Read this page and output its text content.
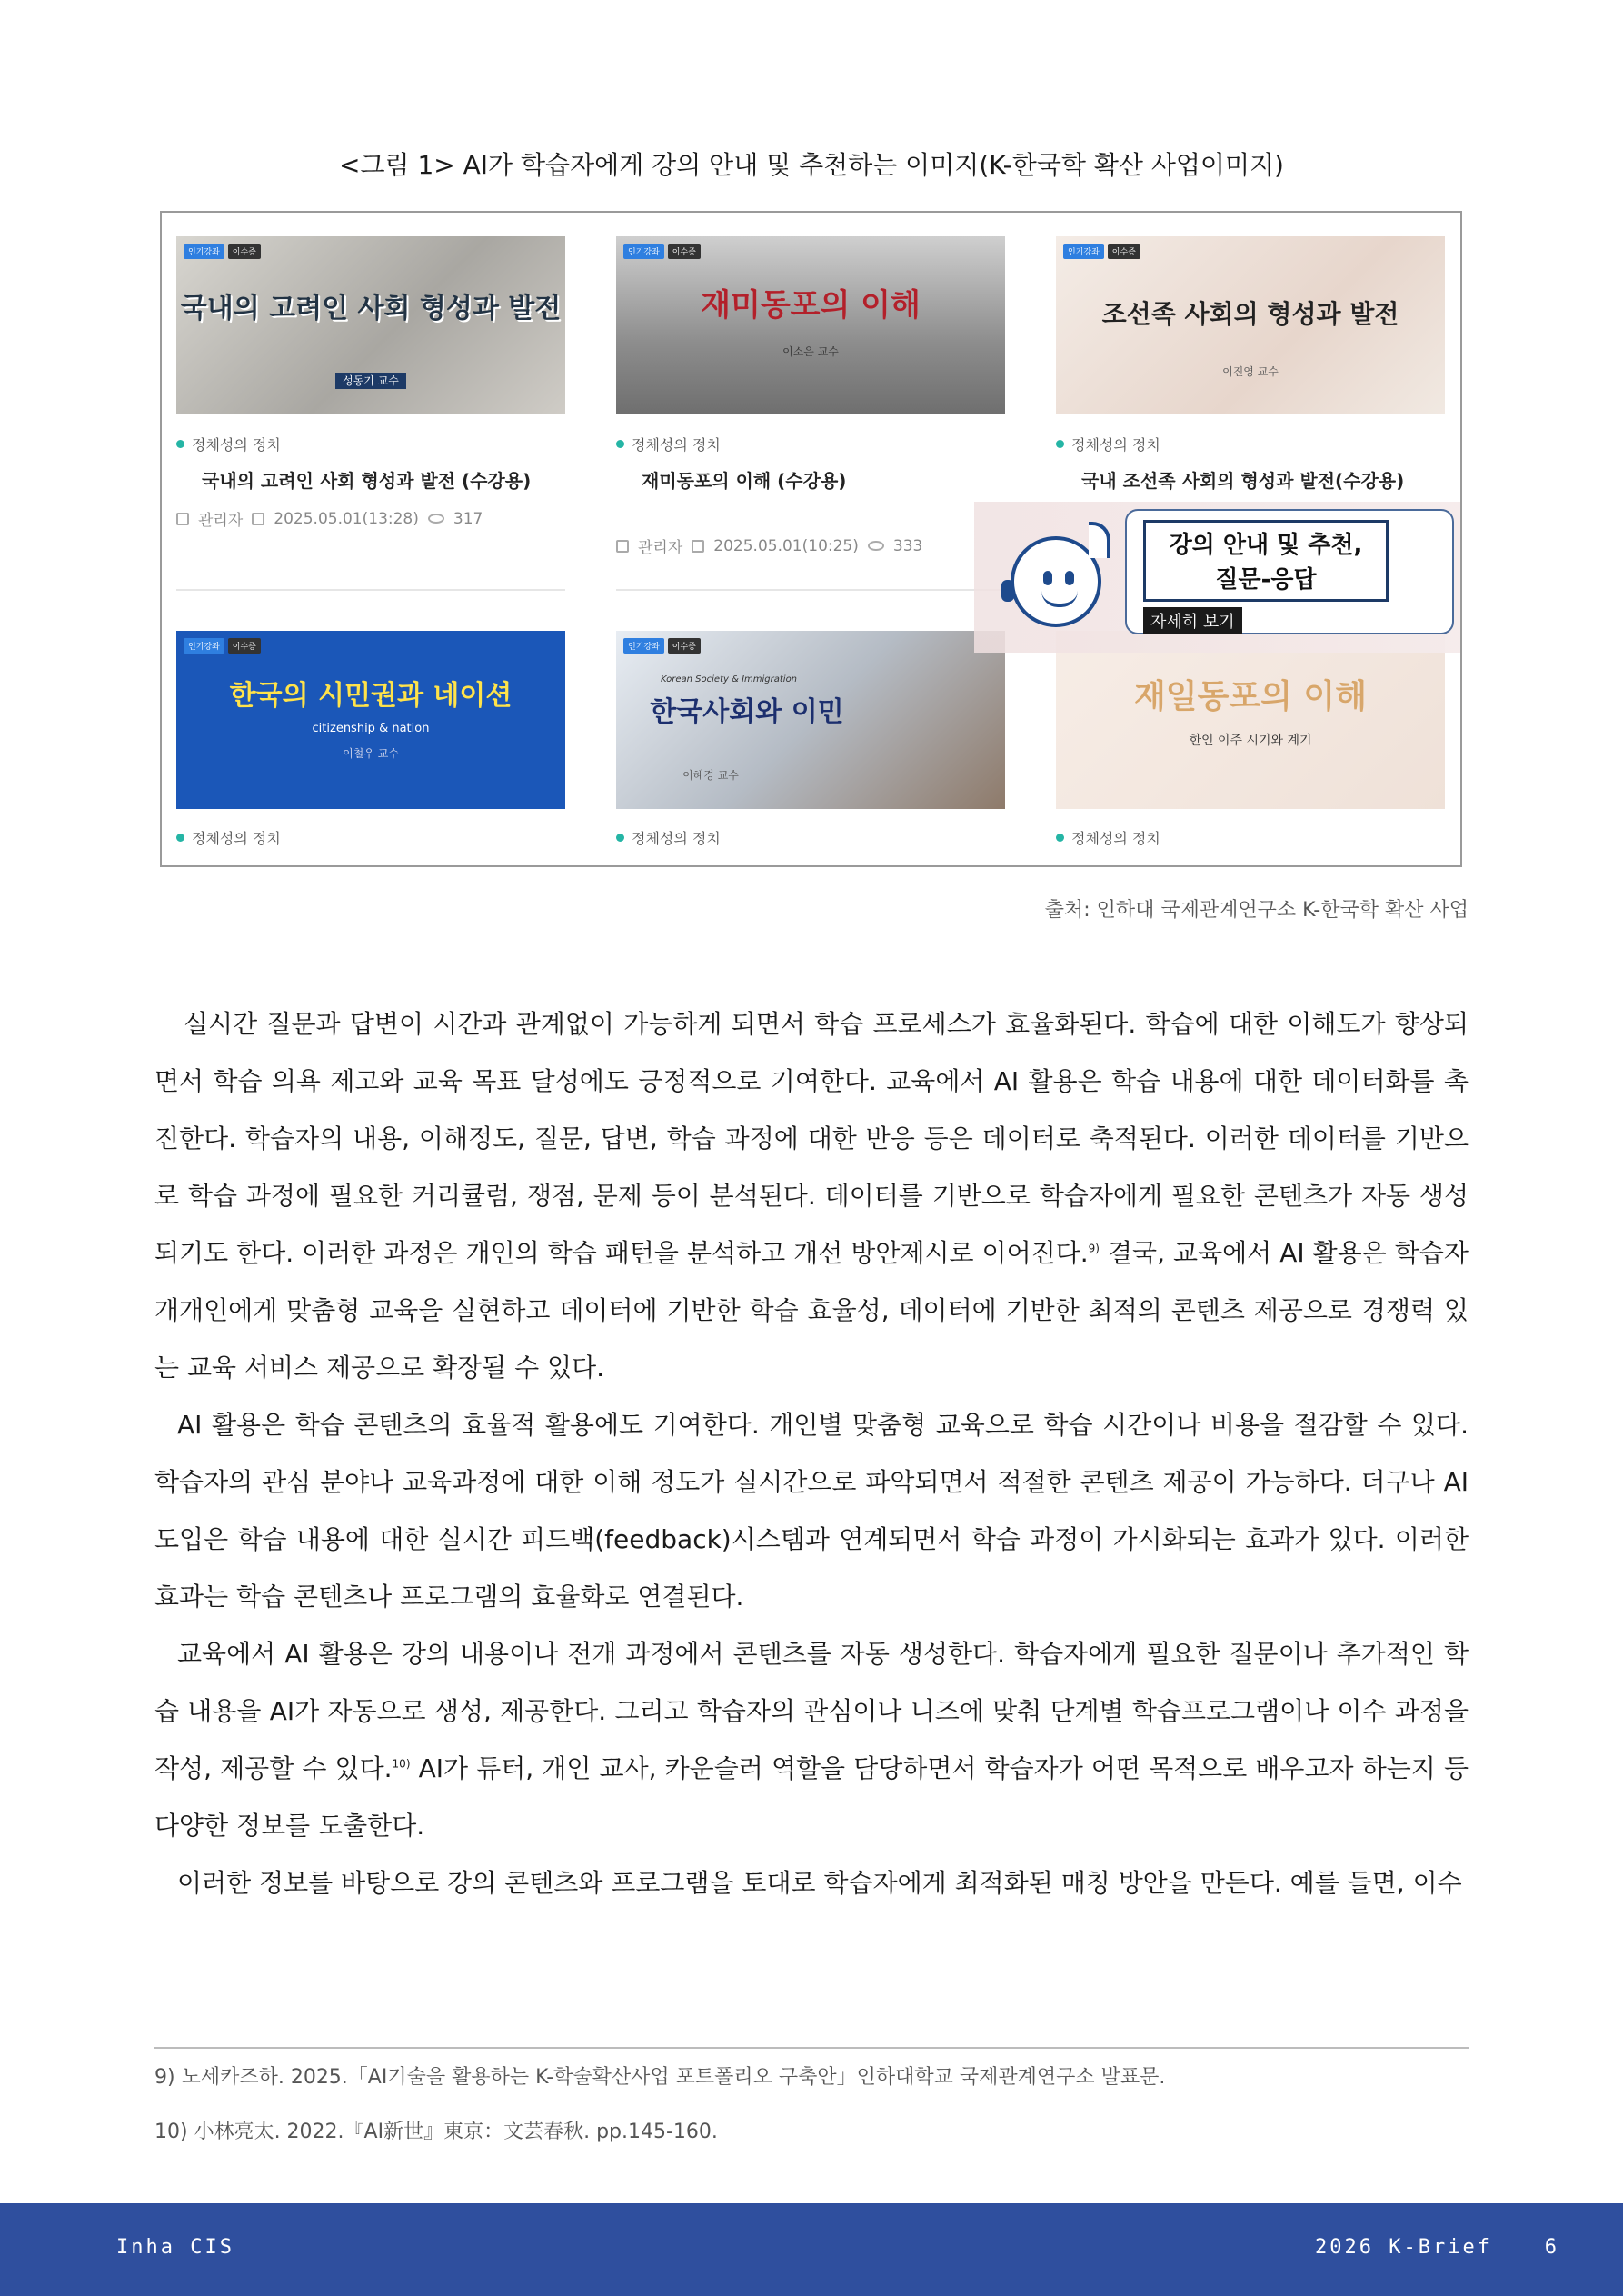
<그림 1> AI가 학습자에게 강의 안내 및 추천하는 이미지(K-한국학 확산 사업이미지)
인기강좌	이수증
국내의 고려인 사회 형성과 발전
성동기 교수
정체성의 정치
국내의 고려인 사회 형성과 발전 (수강용)
관리자 2025.05.01(13:28) 317
인기강좌	이수증
재미동포의 이해
이소은 교수
정체성의 정치
재미동포의 이해 (수강용)
관리자 2025.05.01(10:25) 333
인기강좌	이수증
조선족 사회의 형성과 발전
이진영 교수
정체성의 정치
국내 조선족 사회의 형성과 발전(수강용)
인기강좌	이수증
한국의 시민권과 네이션
citizenship & nation
이철우 교수
정체성의 정치
인기강좌	이수증
Korean Society & Immigration
한국사회와 이민
이혜경 교수
정체성의 정치
재일동포의 이해
한인 이주 시기와 계기
정체성의 정치
강의 안내 및 추천,
질문-응답
자세히 보기
출처: 인하대 국제관계연구소 K-한국학 확산 사업

실시간 질문과 답변이 시간과 관계없이 가능하게 되면서 학습 프로세스가 효율화된다. 학습에 대한 이해도가 향상되면서 학습 의욕 제고와 교육 목표 달성에도 긍정적으로 기여한다. 교육에서 AI 활용은 학습 내용에 대한 데이터화를 촉진한다. 학습자의 내용, 이해정도, 질문, 답변, 학습 과정에 대한 반응 등은 데이터로 축적된다. 이러한 데이터를 기반으로 학습 과정에 필요한 커리큘럼, 쟁점, 문제 등이 분석된다. 데이터를 기반으로 학습자에게 필요한 콘텐츠가 자동 생성되기도 한다. 이러한 과정은 개인의 학습 패턴을 분석하고 개선 방안제시로 이어진다.$^{9)}$ 결국, 교육에서 AI 활용은 학습자 개개인에게 맞춤형 교육을 실현하고 데이터에 기반한 학습 효율성, 데이터에 기반한 최적의 콘텐츠 제공으로 경쟁력 있는 교육 서비스 제공으로 확장될 수 있다.

AI 활용은 학습 콘텐츠의 효율적 활용에도 기여한다. 개인별 맞춤형 교육으로 학습 시간이나 비용을 절감할 수 있다. 학습자의 관심 분야나 교육과정에 대한 이해 정도가 실시간으로 파악되면서 적절한 콘텐츠 제공이 가능하다. 더구나 AI 도입은 학습 내용에 대한 실시간 피드백(feedback)시스템과 연계되면서 학습 과정이 가시화되는 효과가 있다. 이러한 효과는 학습 콘텐츠나 프로그램의 효율화로 연결된다.

교육에서 AI 활용은 강의 내용이나 전개 과정에서 콘텐츠를 자동 생성한다. 학습자에게 필요한 질문이나 추가적인 학습 내용을 AI가 자동으로 생성, 제공한다. 그리고 학습자의 관심이나 니즈에 맞춰 단계별 학습프로그램이나 이수 과정을 작성, 제공할 수 있다.$^{10)}$ AI가 튜터, 개인 교사, 카운슬러 역할을 담당하면서 학습자가 어떤 목적으로 배우고자 하는지 등 다양한 정보를 도출한다.

이러한 정보를 바탕으로 강의 콘텐츠와 프로그램을 토대로 학습자에게 최적화된 매칭 방안을 만든다. 예를 들면, 이수

9) 노세카즈하. 2025.「AI기술을 활용하는 K-학술확산사업 포트폴리오 구축안」인하대학교 국제관계연구소 발표문.
10) 小林亮太. 2022.『AI新世』東京：文芸春秋. pp.145-160.
Inha CIS	2026 K-Brief	6
